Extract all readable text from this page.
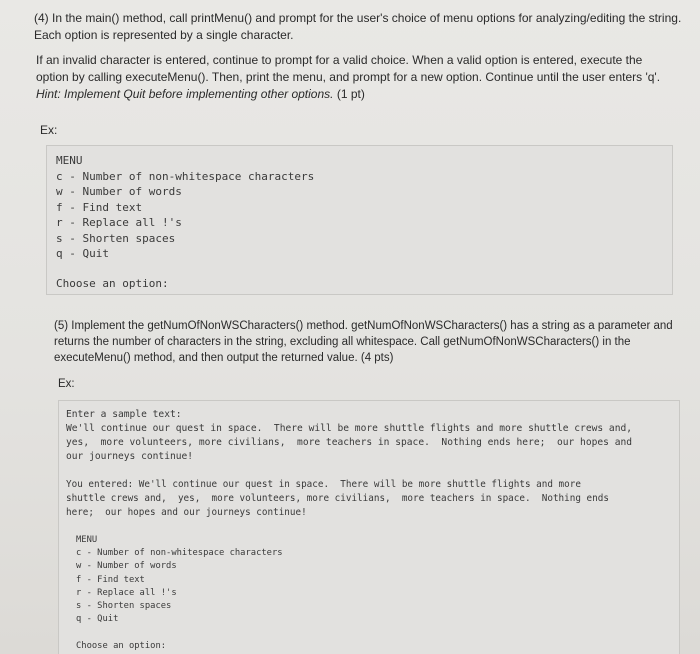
(4) In the main() method, call printMenu() and prompt for the user's choice of menu options for analyzing/editing the string. Each option is represented by a single character.

If an invalid character is entered, continue to prompt for a valid choice. When a valid option is entered, execute the option by calling executeMenu(). Then, print the menu, and prompt for a new option. Continue until the user enters 'q'. Hint: Implement Quit before implementing other options. (1 pt)

Ex:

MENU
c - Number of non-whitespace characters
w - Number of words
f - Find text
r - Replace all !'s
s - Shorten spaces
q - Quit
Choose an option:

(5) Implement the getNumOfNonWSCharacters() method. getNumOfNonWSCharacters() has a string as a parameter and returns the number of characters in the string, excluding all whitespace. Call getNumOfNonWSCharacters() in the executeMenu() method, and then output the returned value. (4 pts)

Ex:

Enter a sample text:
We'll continue our quest in space.  There will be more shuttle flights and more shuttle crews and,
yes,  more volunteers, more civilians,  more teachers in space.  Nothing ends here;  our hopes and
our journeys continue!
You entered: We'll continue our quest in space.  There will be more shuttle flights and more
shuttle crews and,  yes,  more volunteers, more civilians,  more teachers in space.  Nothing ends
here;  our hopes and our journeys continue!
MENU
c - Number of non-whitespace characters
w - Number of words
f - Find text
r - Replace all !'s
s - Shorten spaces
q - Quit
Choose an option:
